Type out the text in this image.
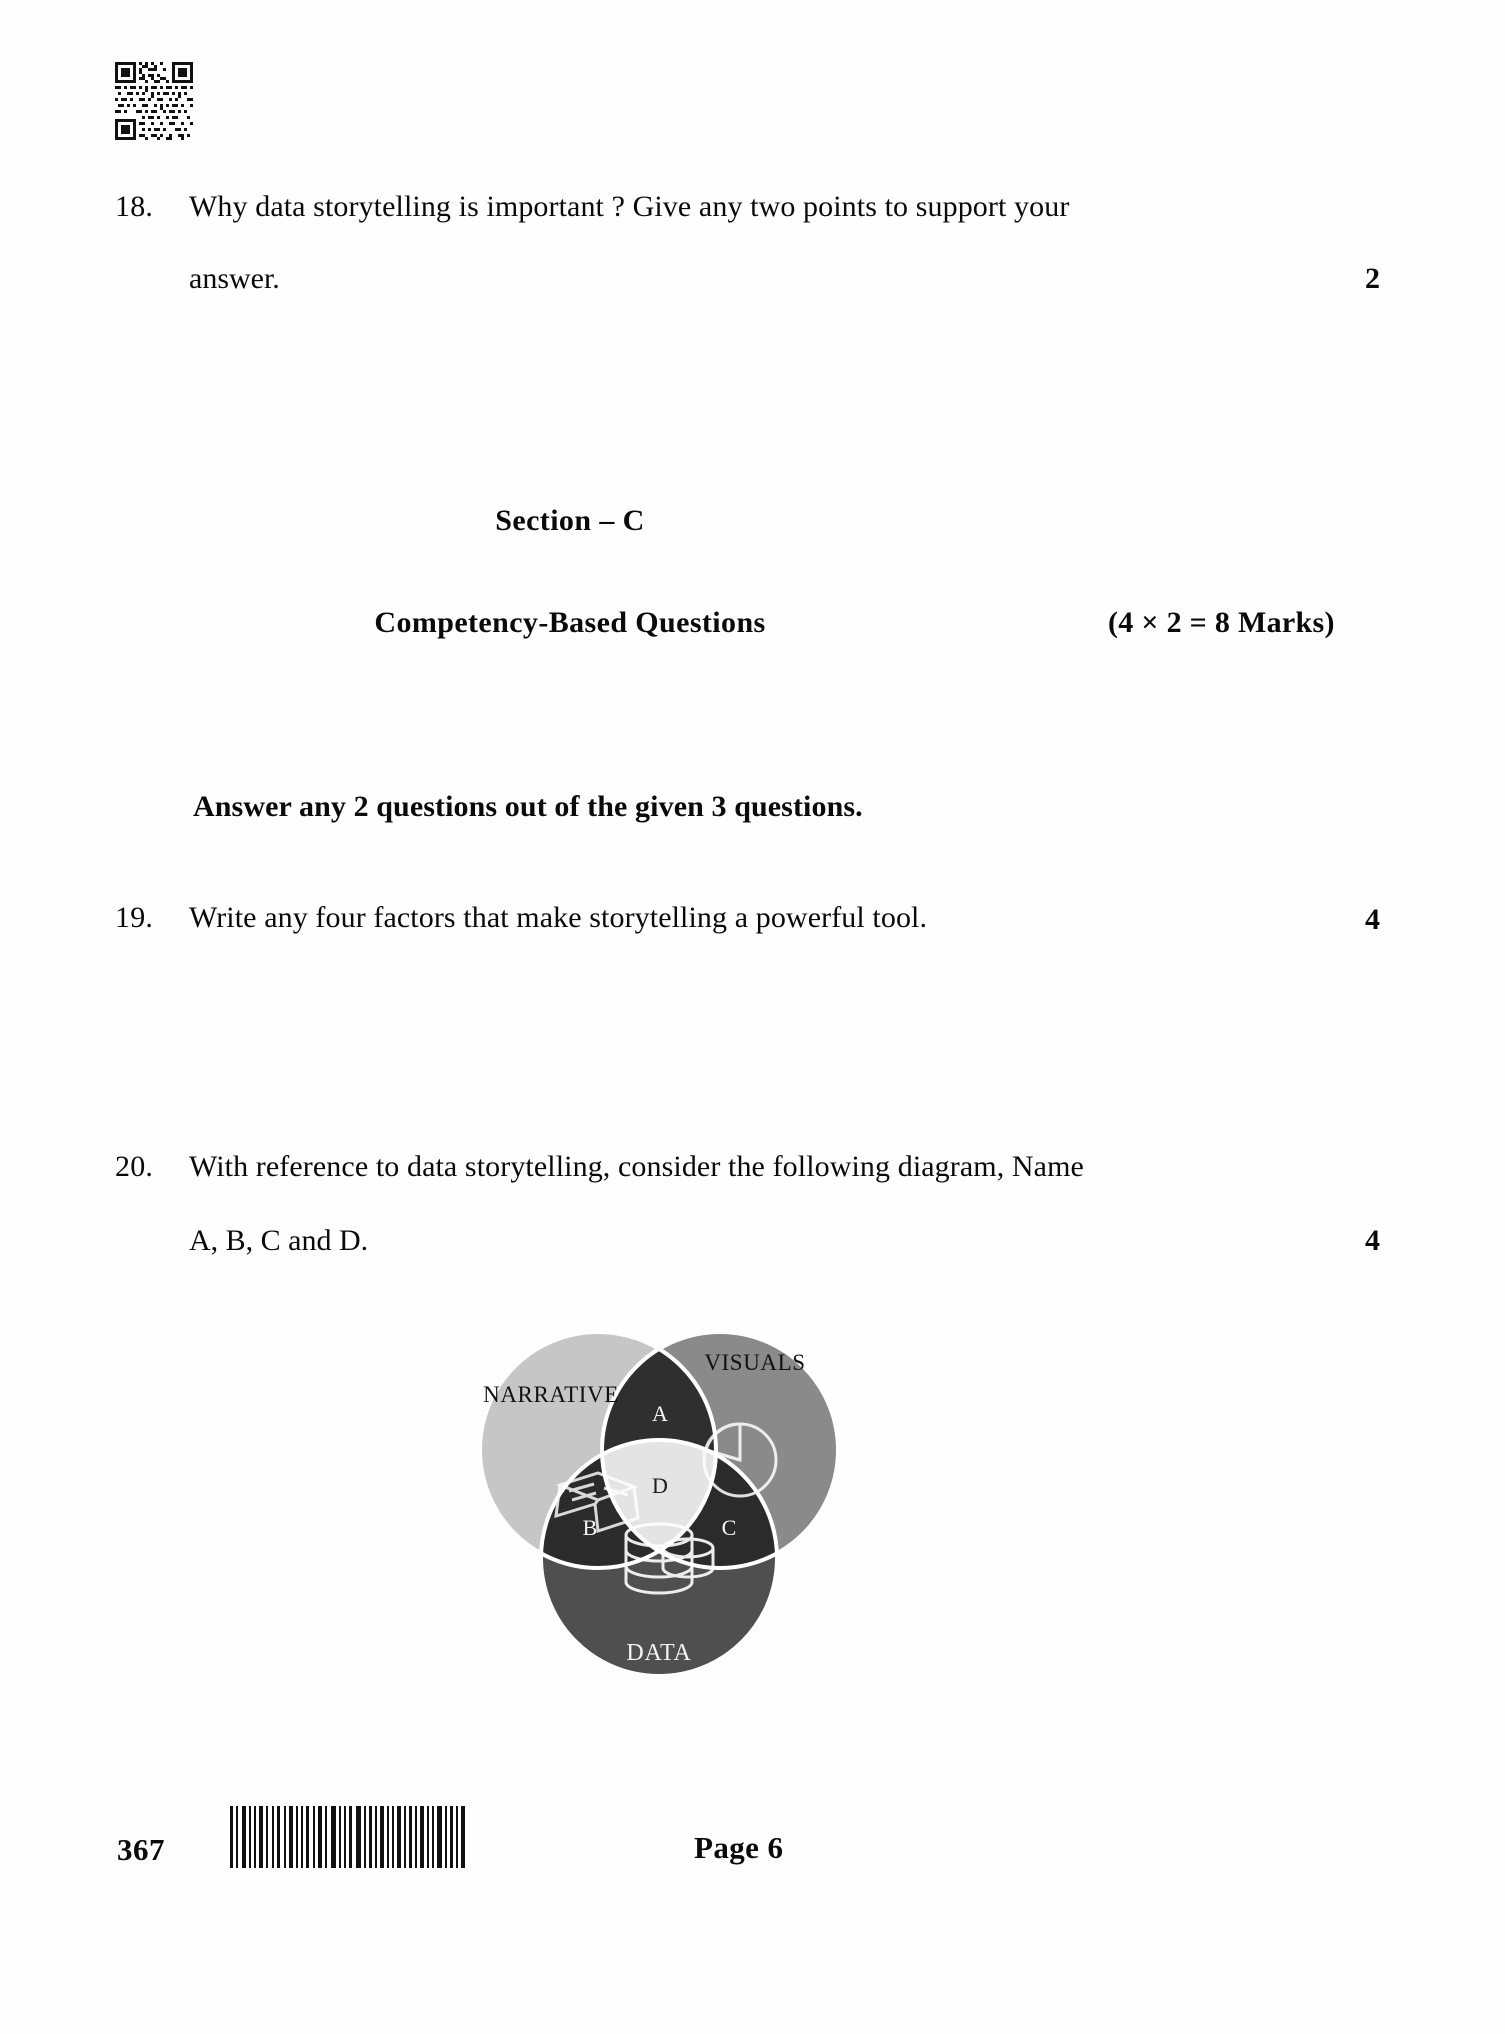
18.	Why data storytelling is important ? Give any two points to support your
answer.	2
Section – C
Competency-Based Questions	(4 × 2 = 8 Marks)
Answer any 2 questions out of the given 3 questions.
19.	Write any four factors that make storytelling a powerful tool.	4
20.	With reference to data storytelling, consider the following diagram, Name
A, B, C and D.	4
NARRATIVE
VISUALS
DATA
A
B	C
D
367	Page 6
